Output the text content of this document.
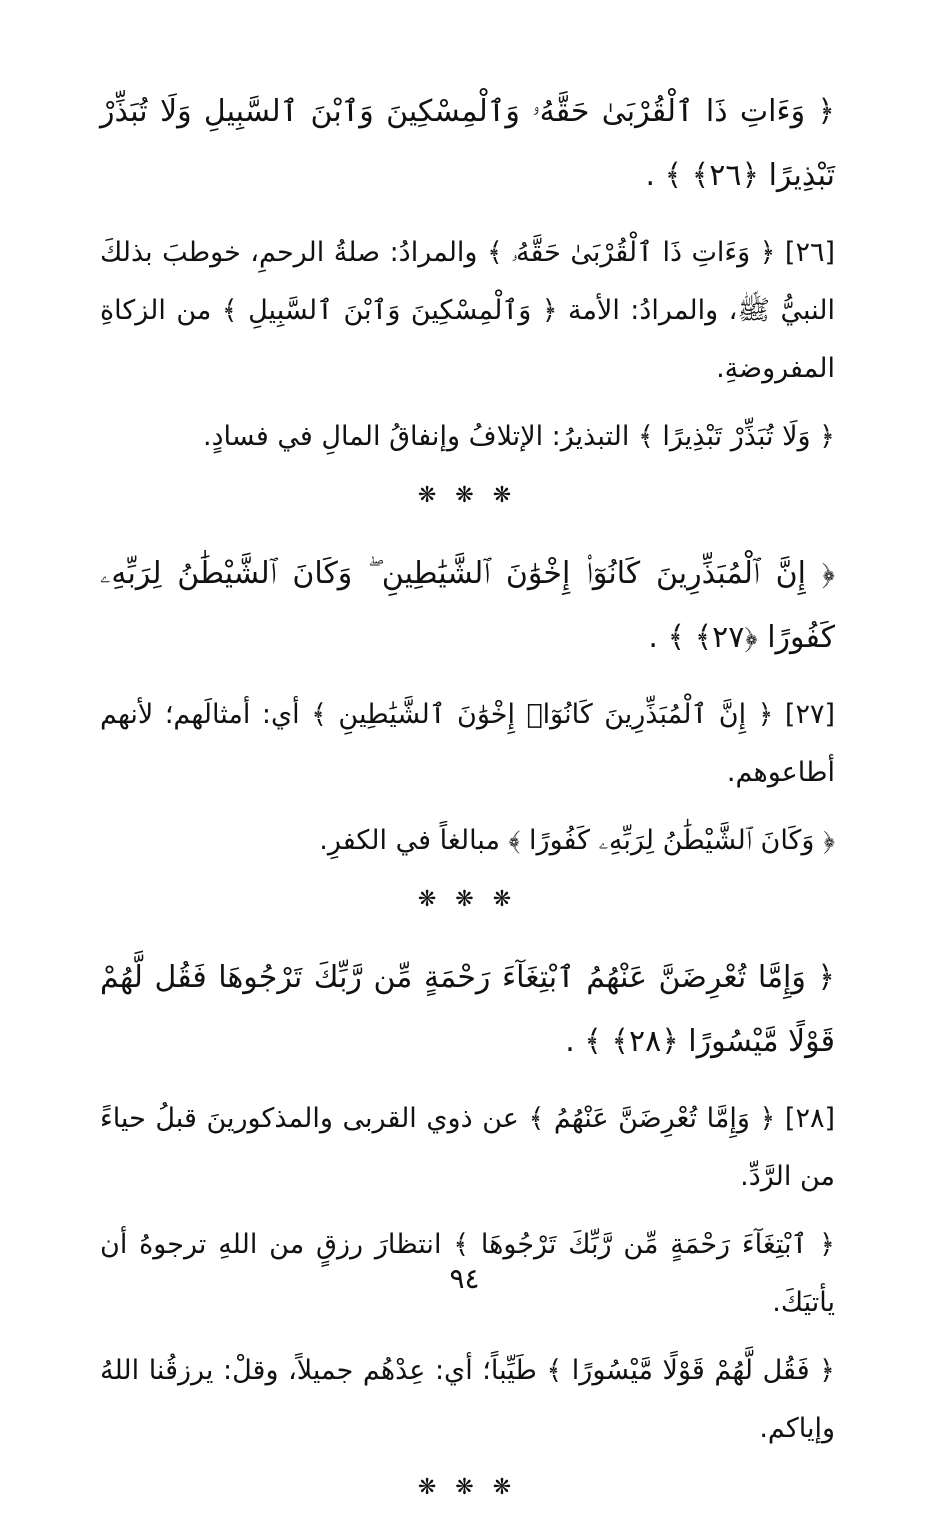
﴿ وَءَاتِ ذَا ٱلْقُرْبَىٰ حَقَّهُۥ وَٱلْمِسْكِينَ وَٱبْنَ ٱلسَّبِيلِ وَلَا تُبَذِّرْ تَبْذِيرًا ﴿٢٦﴾ ﴾ .

[٢٦] ﴿ وَءَاتِ ذَا ٱلْقُرْبَىٰ حَقَّهُۥ ﴾ والمرادُ: صلةُ الرحمِ، خوطبَ بذلكَ النبيُّ ﷺ، والمرادُ: الأمة ﴿ وَٱلْمِسْكِينَ وَٱبْنَ ٱلسَّبِيلِ ﴾ من الزكاةِ المفروضةِ.

﴿ وَلَا تُبَذِّرْ تَبْذِيرًا ﴾ التبذيرُ: الإتلافُ وإنفاقُ المالِ في فسادٍ.

❋ ❋ ❋

﴿ إِنَّ ٱلْمُبَذِّرِينَ كَانُوٓا۟ إِخْوَٰنَ ٱلشَّيَٰطِينِ ۖ وَكَانَ ٱلشَّيْطَٰنُ لِرَبِّهِۦ كَفُورًا ﴿٢٧﴾ ﴾ .

[٢٧] ﴿ إِنَّ ٱلْمُبَذِّرِينَ كَانُوٓا۟ إِخْوَٰنَ ٱلشَّيَٰطِينِ ﴾ أي: أمثالَهم؛ لأنهم أطاعوهم.

﴿ وَكَانَ ٱلشَّيْطَٰنُ لِرَبِّهِۦ كَفُورًا ﴾ مبالغاً في الكفرِ.

❋ ❋ ❋

﴿ وَإِمَّا تُعْرِضَنَّ عَنْهُمُ ٱبْتِغَآءَ رَحْمَةٍ مِّن رَّبِّكَ تَرْجُوهَا فَقُل لَّهُمْ قَوْلًا مَّيْسُورًا ﴿٢٨﴾ ﴾ .

[٢٨] ﴿ وَإِمَّا تُعْرِضَنَّ عَنْهُمُ ﴾ عن ذوي القربى والمذكورينَ قبلُ حياءً من الرَّدِّ.

﴿ ٱبْتِغَآءَ رَحْمَةٍ مِّن رَّبِّكَ تَرْجُوهَا ﴾ انتظارَ رزقٍ من اللهِ ترجوهُ أن يأتيَكَ.

﴿ فَقُل لَّهُمْ قَوْلًا مَّيْسُورًا ﴾ طَيِّباً؛ أي: عِدْهُم جميلاً، وقلْ: يرزقُنا اللهُ وإياكم.

❋ ❋ ❋
٩٤
